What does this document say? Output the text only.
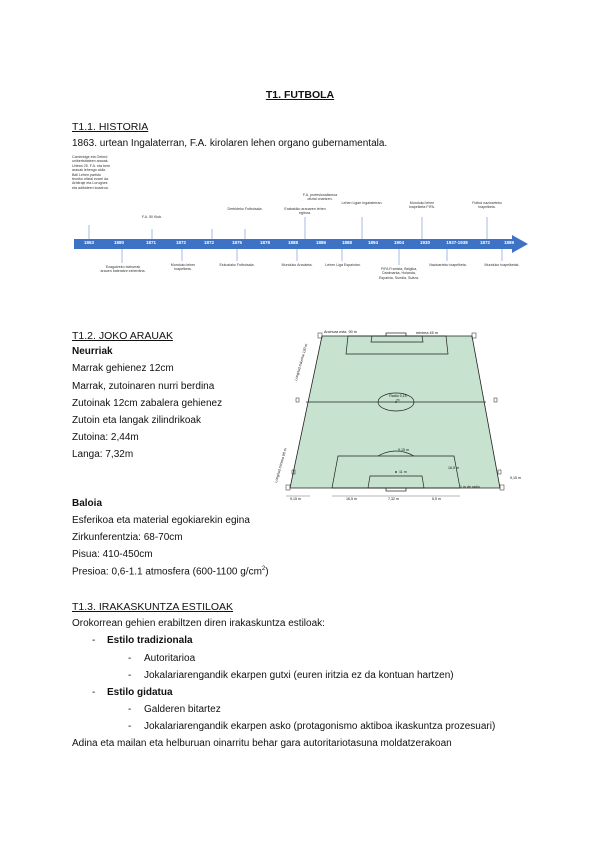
T1. FUTBOLA
T1.1. HISTORIA
1863. urtean Ingalaterran, F.A. kirolaren lehen organo gubernamentala.
1863	1880	1871	1872	1872	1875	1878	1888	1886	1888	1894	1904	1930	1937-1938	1872	1889
Cambridge eta Oxford unibertsitateen arauak. Urtean 25. F.A. eta bere arauak lehengo aldiz. Ball Lehen partidu teoriko ofizial ezarri da. Arbitraje eta Lorugnes eta adibideen koadroa.
F.A. 50 Klub.
Derbideko Futbolsala.	Erabakiko arauaren lehen egitura.
F.A. profesionalismoa ofizial onartzen.
Lehen Ligan Ingalaterran.	Munduko lehen txapelketa FIFA.
Futbol nazioarteko txapelketa.
Ezagutzeko bizkorrak arauen bateratze ezberdina.
Munduko lehen txapelketa.
Eskoziako Futbolsala.	Munduko Arauketa.	Lehen Liga Espainian.
FIFA Frantzia, Belgika, Danimarka, Holanda, Espainia, Suedia, Suitza.
Nazioarteko txapelketa.	Munduko txapelketak.
T1.2. JOKO ARAUAK
Neurriak
Marrak gehienez 12cm
Marrak, zutoinaren nurri berdina
Zutoinak 12cm zabalera gehienez
Zutoin eta langak zilindrikoak
Zutoina: 2,44m
Langa: 7,32m
Baloia
Esferikoa eta material egokiarekin egina
Zirkunferentzia: 68-70cm
Pisua: 410-450cm
Presioa: 0,6-1.1 atmosfera (600-1100 $g/cm^2$)
Anchura máx. 90 m	mínima 45 m
Longitud máxima 120 m
Longitud mínima 90 m
Radio 9,15 m
9,15 m
16,5 m
11 m
7,32 m	5,5 m
16,5 m
1 m de radio
9,15 m
9,15 m
T1.3. IRAKASKUNTZA ESTILOAK
Orokorrean gehien erabiltzen diren irakaskuntza estiloak:
- Estilo tradizionala
- Autoritarioa
- Jokalariarengandik ekarpen gutxi (euren iritzia ez da kontuan hartzen)
- Estilo gidatua
- Galderen bitartez
- Jokalariarengandik ekarpen asko (protagonismo aktiboa ikaskuntza prozesuari)
Adina eta mailan eta helburuan oinarritu behar gara autoritariotasuna moldatzerakoan
